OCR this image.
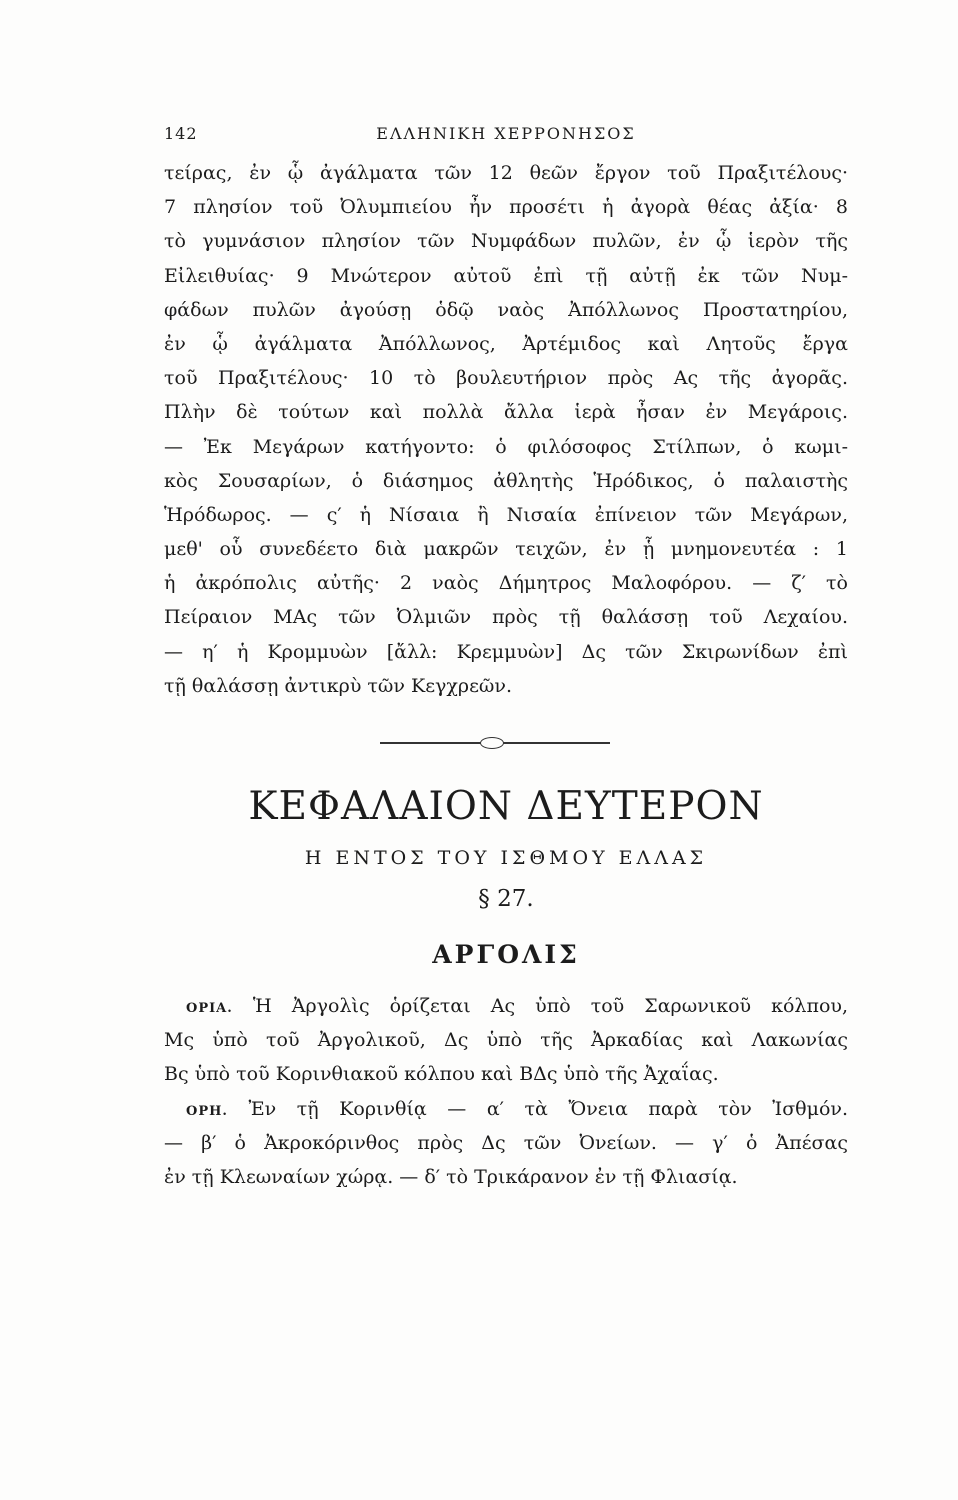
142	ΕΛΛΗΝΙΚΗ ΧΕΡΡΟΝΗΣΟΣ
τείρας, ἐν ᾧ ἀγάλματα τῶν 12 θεῶν ἔργον τοῦ Πραξιτέλους·
7 πλησίον τοῦ Ὀλυμπιείου ἦν προσέτι ἡ ἀγορὰ θέας ἀξία· 8
τὸ γυμνάσιον πλησίον τῶν Νυμφάδων πυλῶν, ἐν ᾧ ἱερὸν τῆς
Εἰλειθυίας· 9 Μνώτερον αὐτοῦ ἐπὶ τῇ αὐτῇ ἐκ τῶν Νυμ-
φάδων πυλῶν ἀγούσῃ ὁδῷ ναὸς Ἀπόλλωνος Προστατηρίου,
ἐν ᾧ ἀγάλματα Ἀπόλλωνος, Ἀρτέμιδος καὶ Λητοῦς ἔργα
τοῦ Πραξιτέλους· 10 τὸ βουλευτήριον πρὸς Ας τῆς ἀγορᾶς.
Πλὴν δὲ τούτων καὶ πολλὰ ἄλλα ἱερὰ ἦσαν ἐν Μεγάροις.
— Ἐκ Μεγάρων κατήγοντο: ὁ φιλόσοφος Στίλπων, ὁ κωμι-
κὸς Σουσαρίων, ὁ διάσημος ἀθλητὴς Ἡρόδικος, ὁ παλαιστὴς
Ἡρόδωρος. — ς′ ἡ Νίσαια ἢ Νισαία ἐπίνειον τῶν Μεγάρων,
μεθ' οὗ συνεδέετο διὰ μακρῶν τειχῶν, ἐν ᾗ μνημονευτέα : 1
ἡ ἀκρόπολις αὐτῆς· 2 ναὸς Δήμητρος Μαλοφόρου. — ζ′ τὸ
Πείραιον ΜΑς τῶν Ὀλμιῶν πρὸς τῇ θαλάσσῃ τοῦ Λεχαίου.
— η′ ἡ Κρομμυὼν [ἄλλ: Κρεμμυὼν] Δς τῶν Σκιρωνίδων ἐπὶ
τῇ θαλάσσῃ ἀντικρὺ τῶν Κεγχρεῶν.
ΚΕΦΑΛΑΙΟΝ ΔΕΥΤΕΡΟΝ
Η ΕΝΤΟΣ ΤΟΥ ΙΣΘΜΟΥ ΕΛΛΑΣ
§ 27.
ΑΡΓΟΛΙΣ
ΟΡΙΑ. Ἡ Ἀργολὶς ὁρίζεται Ας ὑπὸ τοῦ Σαρωνικοῦ κόλπου,
Μς ὑπὸ τοῦ Ἀργολικοῦ, Δς ὑπὸ τῆς Ἀρκαδίας καὶ Λακωνίας
Βς ὑπὸ τοῦ Κορινθιακοῦ κόλπου καὶ ΒΔς ὑπὸ τῆς Ἀχαΐας.
ΟΡΗ. Ἐν τῇ Κορινθίᾳ — α′ τὰ Ὄνεια παρὰ τὸν Ἰσθμόν.
— β′ ὁ Ἀκροκόρινθος πρὸς Δς τῶν Ὀνείων. — γ′ ὁ Ἀπέσας
ἐν τῇ Κλεωναίων χώρᾳ. — δ′ τὸ Τρικάρανον ἐν τῇ Φλιασίᾳ.
